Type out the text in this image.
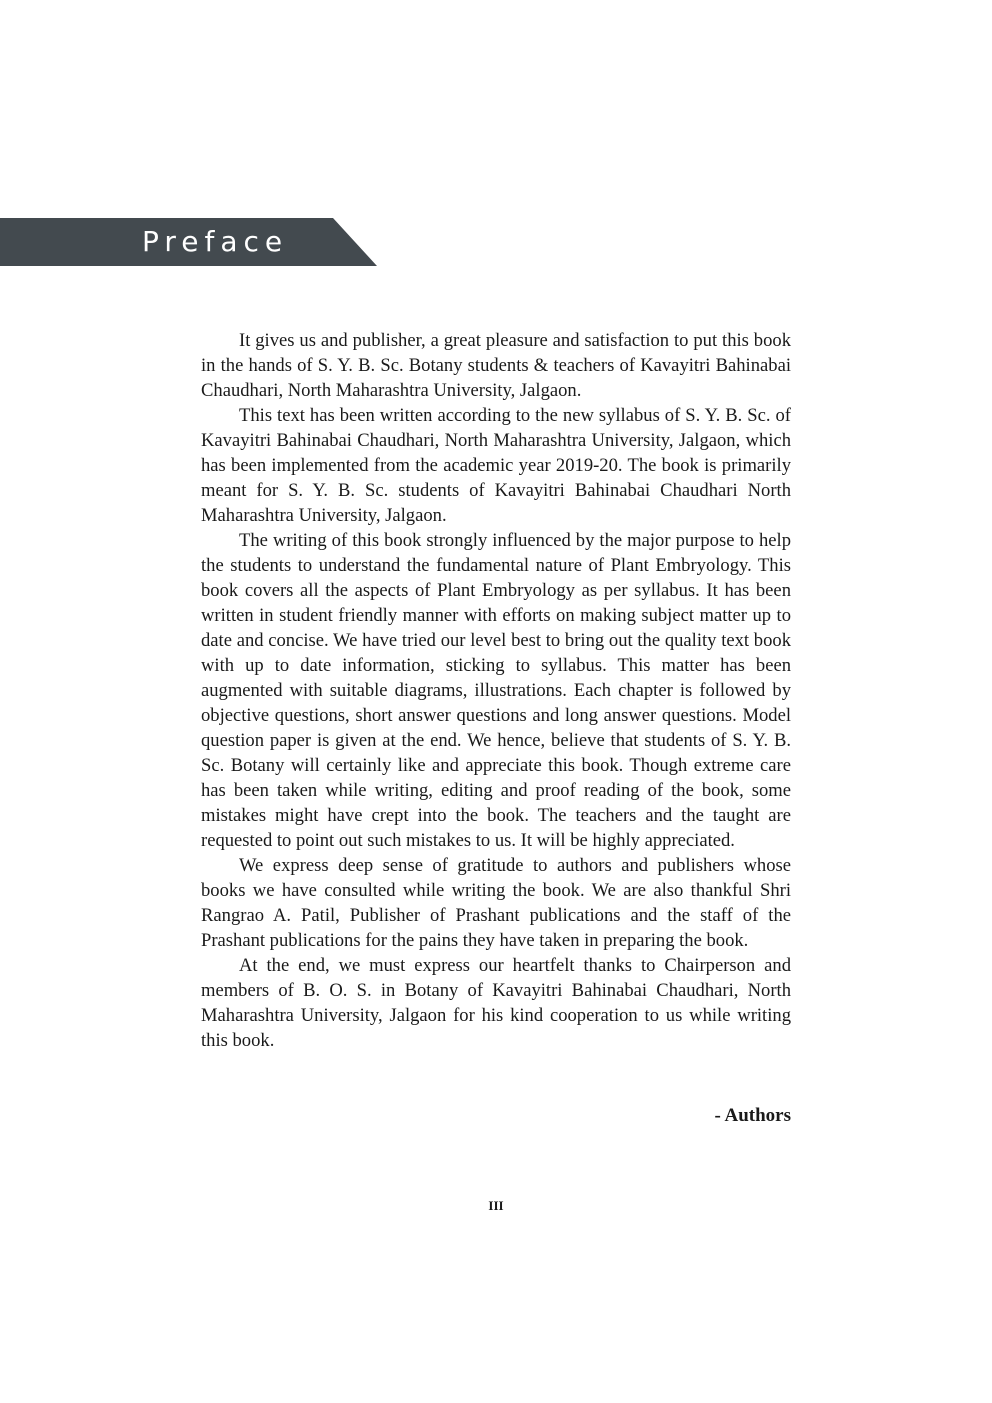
Preface

It gives us and publisher, a great pleasure and satisfaction to put this book in the hands of S. Y. B. Sc. Botany students & teachers of Kavayitri Bahinabai Chaudhari, North Maharashtra University, Jalgaon.

This text has been written according to the new syllabus of S. Y. B. Sc. of Kavayitri Bahinabai Chaudhari, North Maharashtra University, Jalgaon, which has been implemented from the academic year 2019-20. The book is primarily meant for S. Y. B. Sc. students of Kavayitri Bahinabai Chaudhari North Maharashtra University, Jalgaon.

The writing of this book strongly influenced by the major purpose to help the students to understand the fundamental nature of Plant Embryology. This book covers all the aspects of Plant Embryology as per syllabus. It has been written in student friendly manner with efforts on making subject matter up to date and concise. We have tried our level best to bring out the quality text book with up to date information, sticking to syllabus. This matter has been augmented with suitable diagrams, illustrations. Each chapter is followed by objective questions, short answer questions and long answer questions. Model question paper is given at the end. We hence, believe that students of S. Y. B. Sc. Botany will certainly like and appreciate this book. Though extreme care has been taken while writing, editing and proof reading of the book, some mistakes might have crept into the book. The teachers and the taught are requested to point out such mistakes to us. It will be highly appreciated.

We express deep sense of gratitude to authors and publishers whose books we have consulted while writing the book. We are also thankful Shri Rangrao A. Patil, Publisher of Prashant publications and the staff of the Prashant publications for the pains they have taken in preparing the book.

At the end, we must express our heartfelt thanks to Chairperson and members of B. O. S. in Botany of Kavayitri Bahinabai Chaudhari, North Maharashtra University, Jalgaon for his kind cooperation to us while writing this book.

- Authors
III
